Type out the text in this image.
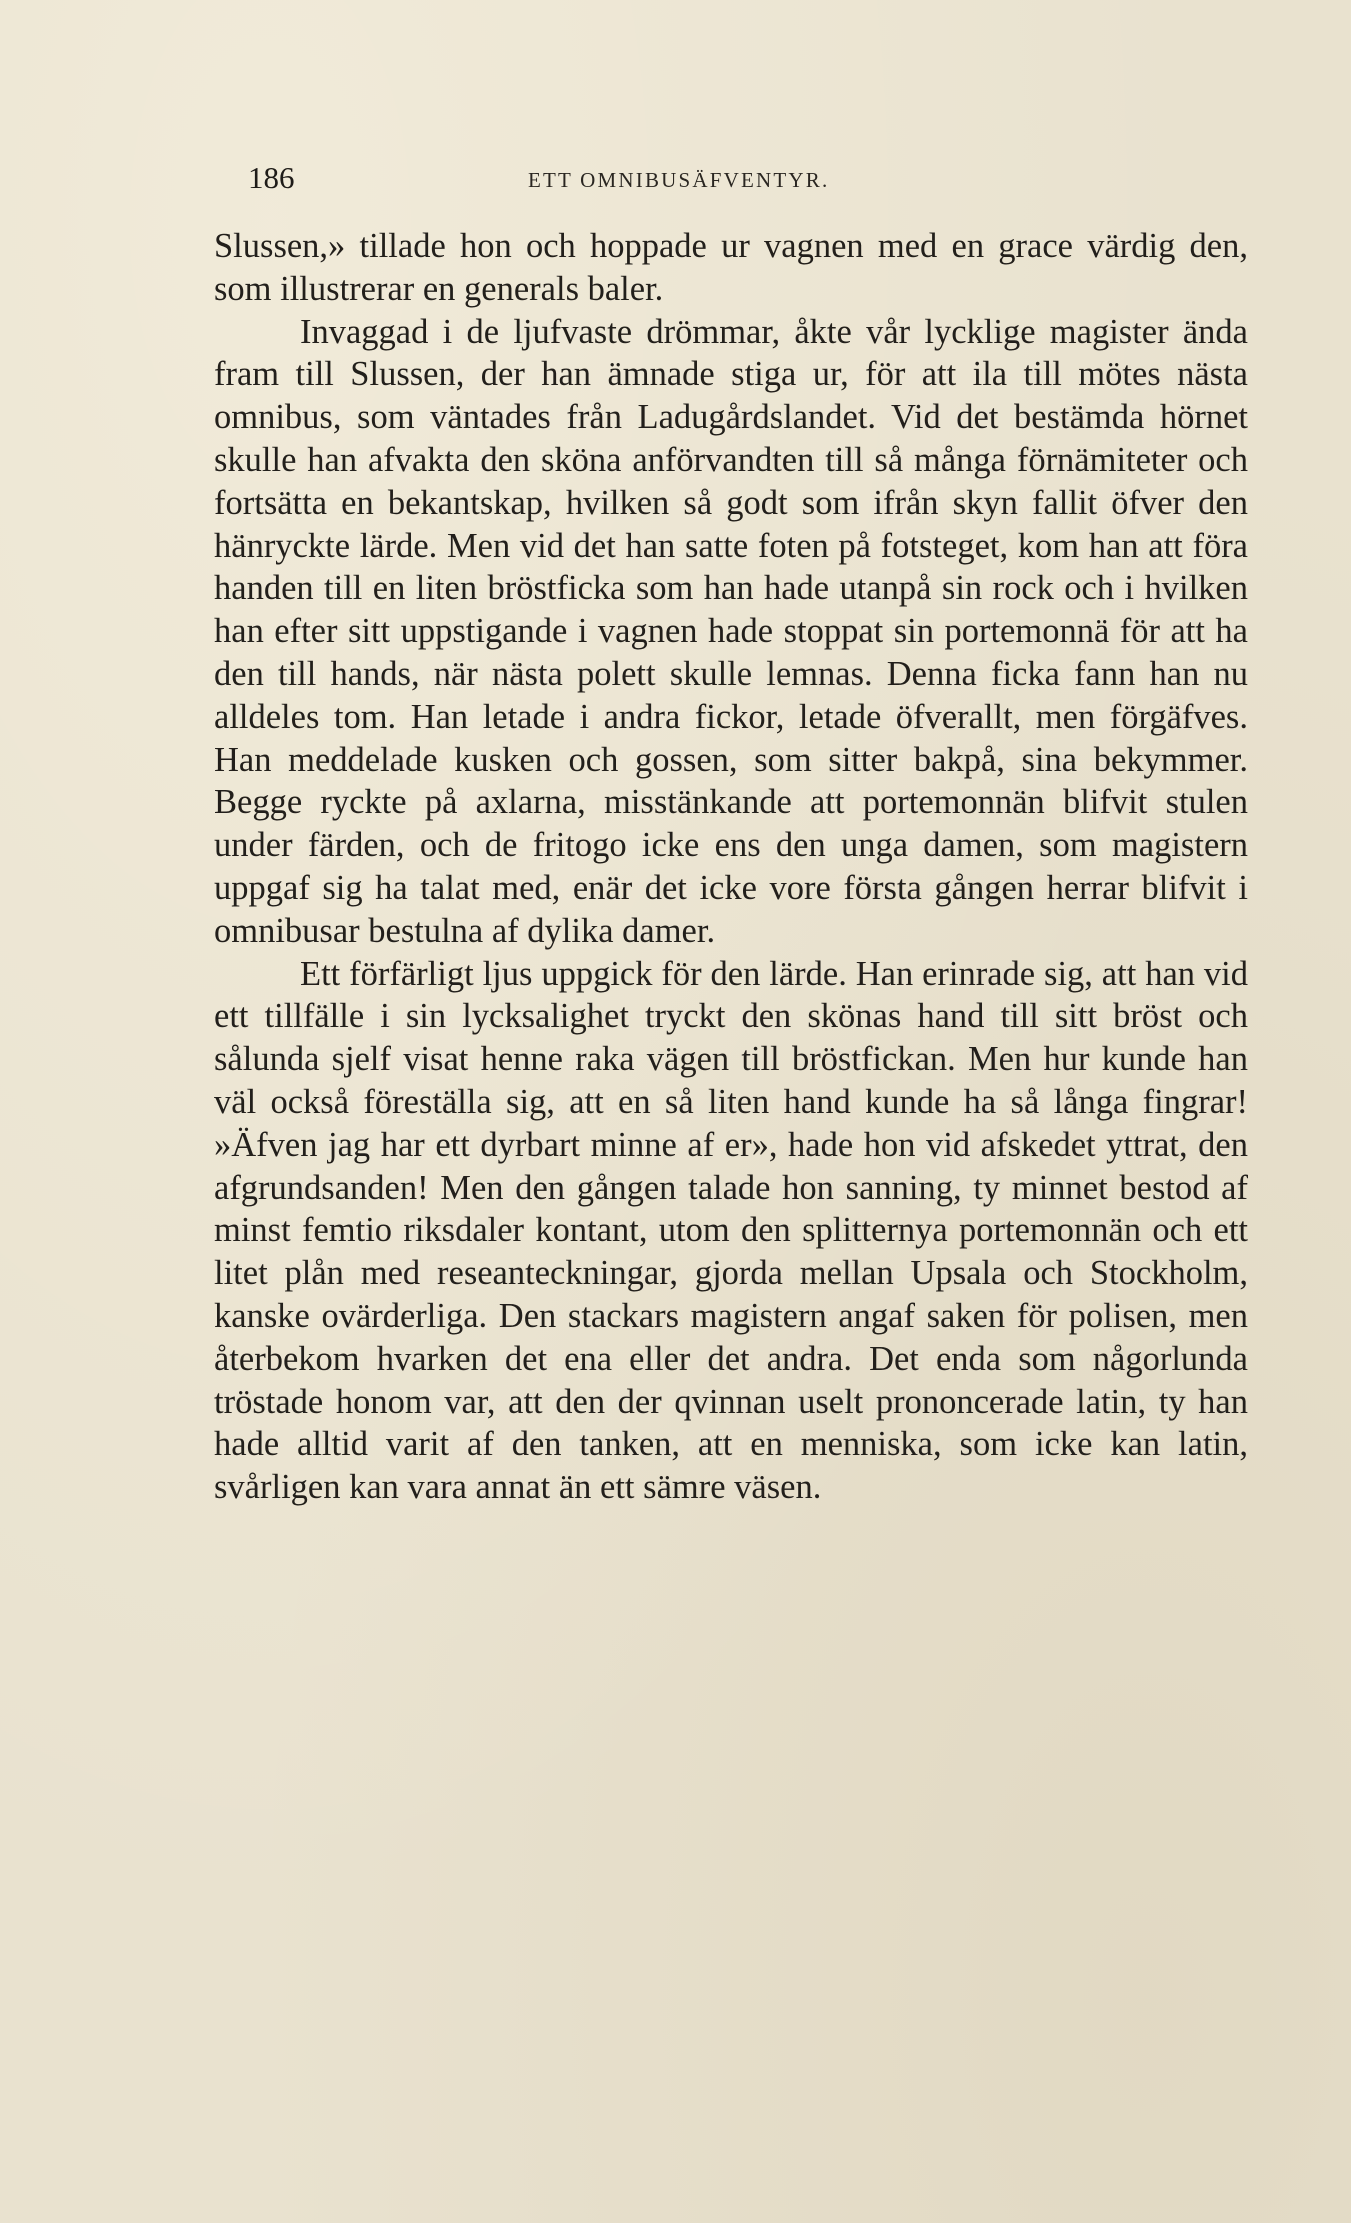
186	ETT OMNIBUSÄFVENTYR.

Slussen,» tillade hon och hoppade ur vagnen med en grace värdig den, som illustrerar en generals baler.

Invaggad i de ljufvaste drömmar, åkte vår lycklige magister ända fram till Slussen, der han ämnade stiga ur, för att ila till mötes nästa omnibus, som väntades från Ladugårdslandet. Vid det bestämda hörnet skulle han afvakta den sköna anförvandten till så många förnämiteter och fortsätta en bekantskap, hvilken så godt som ifrån skyn fallit öfver den hänryckte lärde. Men vid det han satte foten på fotsteget, kom han att föra handen till en liten bröstficka som han hade utanpå sin rock och i hvilken han efter sitt uppstigande i vagnen hade stoppat sin portemonnä för att ha den till hands, när nästa polett skulle lemnas. Denna ficka fann han nu alldeles tom. Han letade i andra fickor, letade öfverallt, men förgäfves. Han meddelade kusken och gossen, som sitter bakpå, sina bekymmer. Begge ryckte på axlarna, misstänkande att portemonnän blifvit stulen under färden, och de fritogo icke ens den unga damen, som magistern uppgaf sig ha talat med, enär det icke vore första gången herrar blifvit i omnibusar bestulna af dylika damer.

Ett förfärligt ljus uppgick för den lärde. Han erinrade sig, att han vid ett tillfälle i sin lycksalighet tryckt den skönas hand till sitt bröst och sålunda sjelf visat henne raka vägen till bröstfickan. Men hur kunde han väl också föreställa sig, att en så liten hand kunde ha så långa fingrar! »Äfven jag har ett dyrbart minne af er», hade hon vid afskedet yttrat, den afgrundsanden! Men den gången talade hon sanning, ty minnet bestod af minst femtio riksdaler kontant, utom den splitternya portemonnän och ett litet plån med reseanteckningar, gjorda mellan Upsala och Stockholm, kanske ovärderliga. Den stackars magistern angaf saken för polisen, men återbekom hvarken det ena eller det andra. Det enda som någorlunda tröstade honom var, att den der qvinnan uselt prononcerade latin, ty han hade alltid varit af den tanken, att en menniska, som icke kan latin, svårligen kan vara annat än ett sämre väsen.
